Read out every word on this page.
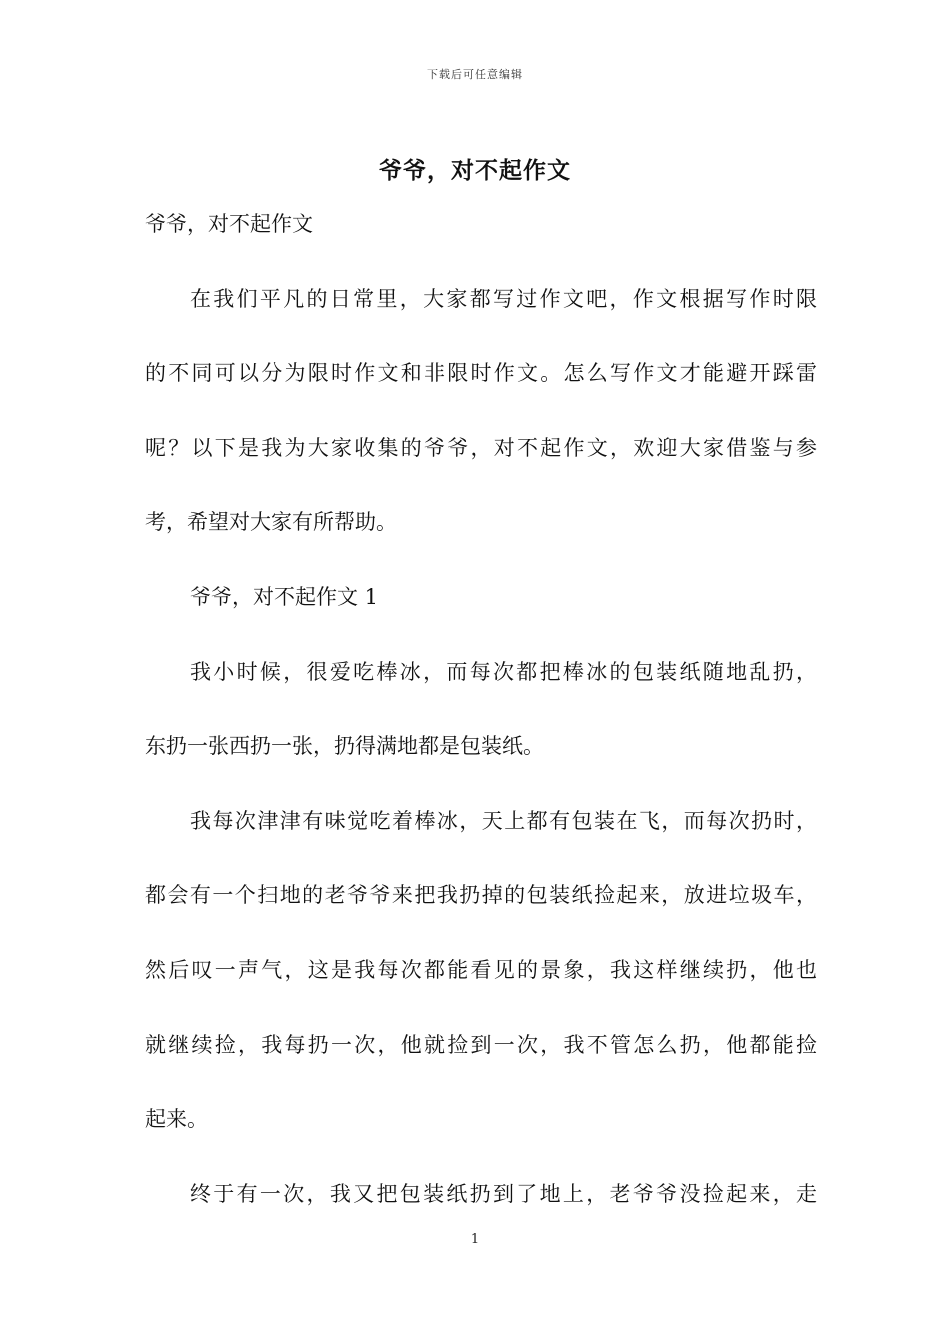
下载后可任意编辑
爷爷，对不起作文
爷爷，对不起作文
在我们平凡的日常里，大家都写过作文吧，作文根据写作时限
的不同可以分为限时作文和非限时作文。怎么写作文才能避开踩雷
呢？以下是我为大家收集的爷爷，对不起作文，欢迎大家借鉴与参
考，希望对大家有所帮助。
爷爷，对不起作文 1
我小时候，很爱吃棒冰，而每次都把棒冰的包装纸随地乱扔，
东扔一张西扔一张，扔得满地都是包装纸。
我每次津津有味觉吃着棒冰，天上都有包装在飞，而每次扔时，
都会有一个扫地的老爷爷来把我扔掉的包装纸捡起来，放进垃圾车，
然后叹一声气，这是我每次都能看见的景象，我这样继续扔，他也
就继续捡，我每扔一次，他就捡到一次，我不管怎么扔，他都能捡
起来。
终于有一次，我又把包装纸扔到了地上，老爷爷没捡起来，走
1
